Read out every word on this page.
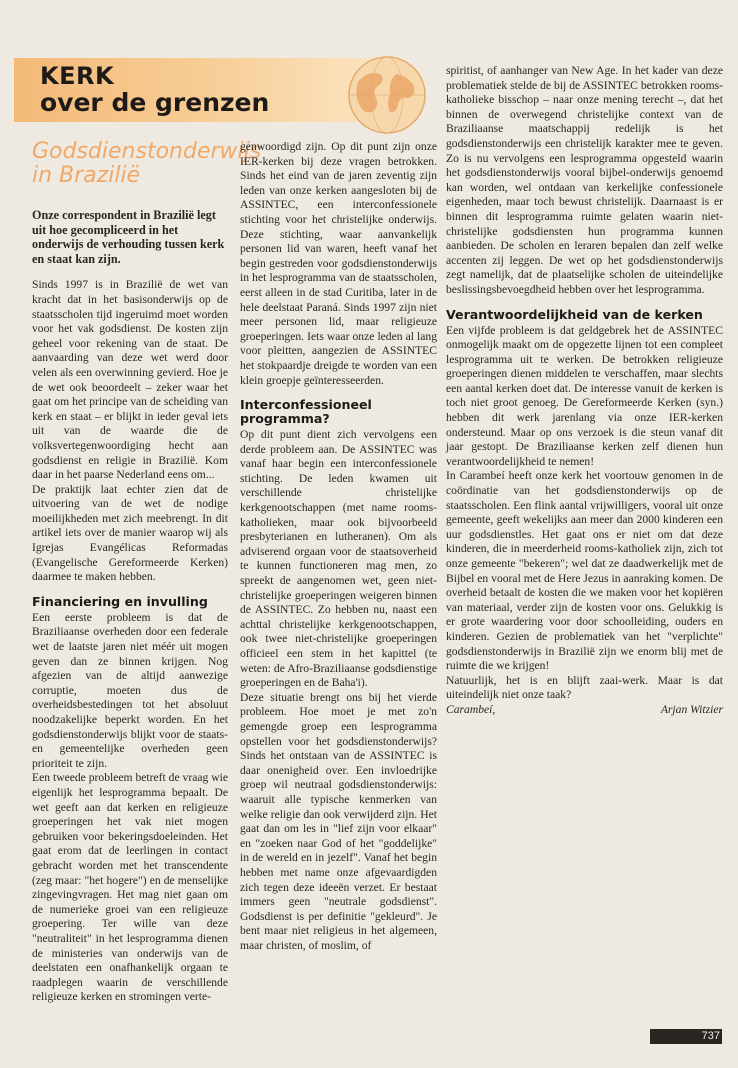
KERK
over de grenzen
Godsdienstonderwijs
in Brazilië

Onze correspondent in Brazilië legt uit hoe gecompliceerd in het onderwijs de verhouding tussen kerk en staat kan zijn.

Sinds 1997 is in Brazilië de wet van kracht dat in het basisonderwijs op de staatsscholen tijd ingeruimd moet worden voor het vak godsdienst. De kosten zijn geheel voor rekening van de staat. De aanvaarding van deze wet werd door velen als een overwinning gevierd. Hoe je de wet ook beoordeelt – zeker waar het gaat om het principe van de scheiding van kerk en staat – er blijkt in ieder geval iets uit van de waarde die de volksvertegenwoordiging hecht aan godsdienst en religie in Brazilië. Kom daar in het paarse Nederland eens om...

De praktijk laat echter zien dat de uitvoering van de wet de nodige moeilijkheden met zich meebrengt. In dit artikel iets over de manier waarop wij als Igrejas Evangélicas Reformadas (Evangelische Gereformeerde Kerken) daarmee te maken hebben.

Financiering en invulling

Een eerste probleem is dat de Braziliaanse overheden door een federale wet de laatste jaren niet méér uit mogen geven dan ze binnen krijgen. Nog afgezien van de altijd aanwezige corruptie, moeten dus de overheidsbestedingen tot het absoluut noodzakelijke beperkt worden. En het godsdienstonderwijs blijkt voor de staats- en gemeentelijke overheden geen prioriteit te zijn.

Een tweede probleem betreft de vraag wie eigenlijk het lesprogramma bepaalt. De wet geeft aan dat kerken en religieuze groeperingen het vak niet mogen gebruiken voor bekeringsdoeleinden. Het gaat erom dat de leerlingen in contact gebracht worden met het transcendente (zeg maar: "het hogere") en de menselijke zingevingvragen. Het mag niet gaan om de numerieke groei van een religieuze groepering. Ter wille van deze "neutraliteit" in het lesprogramma dienen de ministeries van onderwijs van de deelstaten een onafhankelijk orgaan te raadplegen waarin de verschillende religieuze kerken en stromingen verte-

genwoordigd zijn. Op dit punt zijn onze IER-kerken bij deze vragen betrokken. Sinds het eind van de jaren zeventig zijn leden van onze kerken aangesloten bij de ASSINTEC, een interconfessionele stichting voor het christelijke onderwijs. Deze stichting, waar aanvankelijk personen lid van waren, heeft vanaf het begin gestreden voor godsdienstonderwijs in het lesprogramma van de staatsscholen, eerst alleen in de stad Curitiba, later in de hele deelstaat Paraná. Sinds 1997 zijn niet meer personen lid, maar religieuze groeperingen. Iets waar onze leden al lang voor pleitten, aangezien de ASSINTEC het stokpaardje dreigde te worden van een klein groepje geïnteresseerden.

Interconfessioneel programma?

Op dit punt dient zich vervolgens een derde probleem aan. De ASSINTEC was vanaf haar begin een interconfessionele stichting. De leden kwamen uit verschillende christelijke kerkgenootschappen (met name rooms-katholieken, maar ook bijvoorbeeld presbyterianen en lutheranen). Om als adviserend orgaan voor de staatsoverheid te kunnen functioneren mag men, zo spreekt de aangenomen wet, geen niet-christelijke groeperingen weigeren binnen de ASSINTEC. Zo hebben nu, naast een achttal christelijke kerkgenootschappen, ook twee niet-christelijke groeperingen officieel een stem in het kapittel (te weten: de Afro-Braziliaanse godsdienstige groeperingen en de Baha'i).

Deze situatie brengt ons bij het vierde probleem. Hoe moet je met zo'n gemengde groep een lesprogramma opstellen voor het godsdienstonderwijs? Sinds het ontstaan van de ASSINTEC is daar onenigheid over. Een invloedrijke groep wil neutraal godsdienstonderwijs: waaruit alle typische kenmerken van welke religie dan ook verwijderd zijn. Het gaat dan om les in "lief zijn voor elkaar" en "zoeken naar God of het "goddelijke" in de wereld en in jezelf". Vanaf het begin hebben met name onze afgevaardigden zich tegen deze ideeën verzet. Er bestaat immers geen "neutrale godsdienst". Godsdienst is per definitie "gekleurd". Je bent maar niet religieus in het algemeen, maar christen, of moslim, of

spiritist, of aanhanger van New Age. In het kader van deze problematiek stelde de bij de ASSINTEC betrokken rooms-katholieke bisschop – naar onze mening terecht –, dat het binnen de overwegend christelijke context van de Braziliaanse maatschappij redelijk is het godsdienstonderwijs een christelijk karakter mee te geven. Zo is nu vervolgens een lesprogramma opgesteld waarin het godsdienstonderwijs vooral bijbel-onderwijs genoemd kan worden, wel ontdaan van kerkelijke confessionele eigenheden, maar toch bewust christelijk. Daarnaast is er binnen dit lesprogramma ruimte gelaten waarin niet-christelijke godsdiensten hun programma kunnen aanbieden. De scholen en leraren bepalen dan zelf welke accenten zij leggen. De wet op het godsdienstonderwijs zegt namelijk, dat de plaatselijke scholen de uiteindelijke beslissingsbevoegdheid hebben over het lesprogramma.

Verantwoordelijkheid van de kerken

Een vijfde probleem is dat geldgebrek het de ASSINTEC onmogelijk maakt om de opgezette lijnen tot een compleet lesprogramma uit te werken. De betrokken religieuze groeperingen dienen middelen te verschaffen, maar slechts een aantal kerken doet dat. De interesse vanuit de kerken is toch niet groot genoeg. De Gereformeerde Kerken (syn.) hebben dit werk jarenlang via onze IER-kerken ondersteund. Maar op ons verzoek is die steun vanaf dit jaar gestopt. De Braziliaanse kerken zelf dienen hun verantwoordelijkheid te nemen!

In Carambeí heeft onze kerk het voortouw genomen in de coördinatie van het godsdienstonderwijs op de staatsscholen. Een flink aantal vrijwilligers, vooral uit onze gemeente, geeft wekelijks aan meer dan 2000 kinderen een uur godsdienstles. Het gaat ons er niet om dat deze kinderen, die in meerderheid rooms-katholiek zijn, zich tot onze gemeente "bekeren"; wel dat ze daadwerkelijk met de Bijbel en vooral met de Here Jezus in aanraking komen. De overheid betaalt de kosten die we maken voor het kopiëren van materiaal, verder zijn de kosten voor ons. Gelukkig is er grote waardering voor door schoolleiding, ouders en kinderen. Gezien de problematiek van het "verplichte" godsdienstonderwijs in Brazilië zijn we enorm blij met de ruimte die we krijgen!

Natuurlijk, het is en blijft zaai-werk. Maar is dat uiteindelijk niet onze taak?

Carambeí,	Arjan Witzier
737
